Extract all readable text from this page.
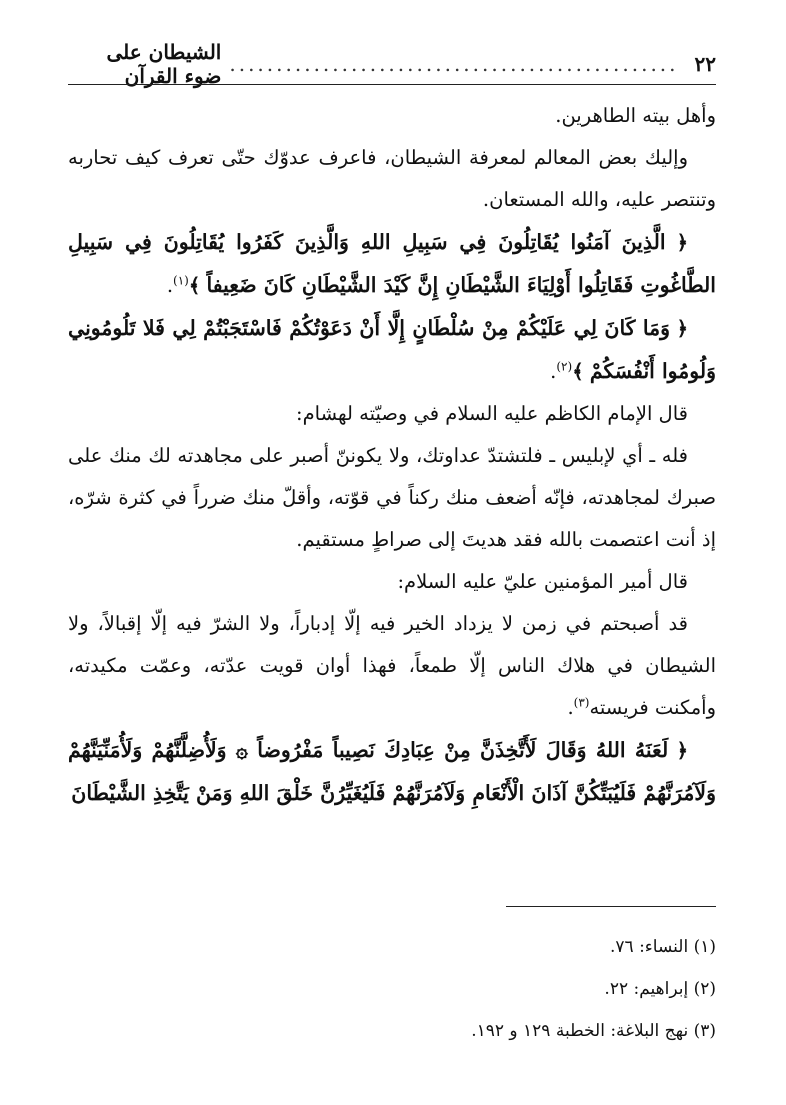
٢٢
................................................
الشيطان على ضوء القرآن

وأهل بيته الطاهرين.

وإليك بعض المعالم لمعرفة الشيطان، فاعرف عدوّك حتّى تعرف كيف تحاربه وتنتصر عليه، والله المستعان.

﴿ الَّذِينَ آمَنُوا يُقَاتِلُونَ فِي سَبِيلِ اللهِ وَالَّذِينَ كَفَرُوا يُقَاتِلُونَ فِي سَبِيلِ الطَّاغُوتِ فَقَاتِلُوا أَوْلِيَاءَ الشَّيْطَانِ إِنَّ كَيْدَ الشَّيْطَانِ كَانَ ضَعِيفاً ﴾$^{(١)}$.

﴿ وَمَا كَانَ لِي عَلَيْكُمْ مِنْ سُلْطَانٍ إِلَّا أَنْ دَعَوْتُكُمْ فَاسْتَجَبْتُمْ لِي فَلا تَلُومُونِي وَلُومُوا أَنْفُسَكُمْ ﴾$^{(٢)}$.

قال الإمام الكاظم عليه السلام في وصيّته لهشام:

فله ـ أي لإبليس ـ فلتشتدّ عداوتك، ولا يكوننّ أصبر على مجاهدته لك منك على صبرك لمجاهدته، فإنّه أضعف منك ركناً في قوّته، وأقلّ منك ضرراً في كثرة شرّه، إذ أنت اعتصمت بالله فقد هديتَ إلى صراطٍ مستقيم.

قال أمير المؤمنين عليّ عليه السلام:

قد أصبحتم في زمن لا يزداد الخير فيه إلّا إدباراً، ولا الشرّ فيه إلّا إقبالاً، ولا الشيطان في هلاك الناس إلّا طمعاً، فهذا أوان قويت عدّته، وعمّت مكيدته، وأمكنت فريسته$^{(٣)}$.

﴿ لَعَنَهُ اللهُ وَقَالَ لَأَتَّخِذَنَّ مِنْ عِبَادِكَ نَصِيباً مَفْرُوضاً ۞ وَلَأُضِلَّنَّهُمْ وَلَأُمَنِّيَنَّهُمْ وَلَآمُرَنَّهُمْ فَلَيُبَتِّكُنَّ آذَانَ الْأَنْعَامِ وَلَآمُرَنَّهُمْ فَلَيُغَيِّرُنَّ خَلْقَ اللهِ وَمَنْ يَتَّخِذِ الشَّيْطَانَ

(١) النساء: ٧٦.
(٢) إبراهيم: ٢٢.
(٣) نهج البلاغة: الخطبة ١٢٩ و ١٩٢.
